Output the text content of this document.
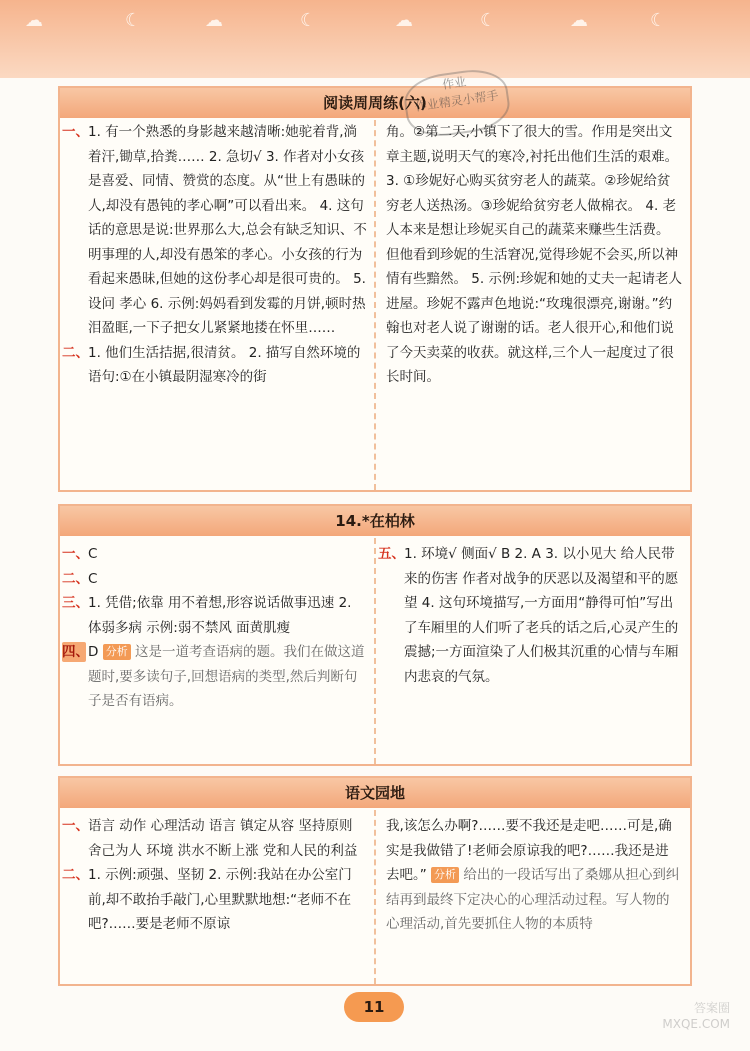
☁	☾	☁	☾	☁	☾	☁	☾
阅读周周练(六)
一、 1. 有一个熟悉的身影越来越清晰:她驼着背,淌着汗,锄草,拾粪…… 2. 急切√ 3. 作者对小女孩是喜爱、同情、赞赏的态度。从“世上有愚昧的人,却没有愚钝的孝心啊”可以看出来。 4. 这句话的意思是说:世界那么大,总会有缺乏知识、不明事理的人,却没有愚笨的孝心。小女孩的行为看起来愚昧,但她的这份孝心却是很可贵的。 5. 设问 孝心 6. 示例:妈妈看到发霉的月饼,顿时热泪盈眶,一下子把女儿紧紧地搂在怀里……
二、 1. 他们生活拮据,很清贫。 2. 描写自然环境的语句:①在小镇最阴湿寒冷的街
角。②第二天,小镇下了很大的雪。作用是突出文章主题,说明天气的寒冷,衬托出他们生活的艰难。 3. ①珍妮好心购买贫穷老人的蔬菜。②珍妮给贫穷老人送热汤。③珍妮给贫穷老人做棉衣。 4. 老人本来是想让珍妮买自己的蔬菜来赚些生活费。但他看到珍妮的生活窘况,觉得珍妮不会买,所以神情有些黯然。 5. 示例:珍妮和她的丈夫一起请老人进屋。珍妮不露声色地说:“玫瑰很漂亮,谢谢。”约翰也对老人说了谢谢的话。老人很开心,和他们说了今天卖菜的收获。就这样,三个人一起度过了很长时间。
14.*在柏林
一、 C
二、 C
三、 1. 凭借;依靠 用不着想,形容说话做事迅速 2. 体弱多病 示例:弱不禁风 面黄肌瘦
四、 D 分析 这是一道考查语病的题。我们在做这道题时,要多读句子,回想语病的类型,然后判断句子是否有语病。
五、 1. 环境√ 侧面√ B 2. A 3. 以小见大 给人民带来的伤害 作者对战争的厌恶以及渴望和平的愿望 4. 这句环境描写,一方面用“静得可怕”写出了车厢里的人们听了老兵的话之后,心灵产生的震撼;一方面渲染了人们极其沉重的心情与车厢内悲哀的气氛。
语文园地
一、 语言 动作 心理活动 语言 镇定从容 坚持原则 舍己为人 环境 洪水不断上涨 党和人民的利益
二、 1. 示例:顽强、坚韧 2. 示例:我站在办公室门前,却不敢抬手敲门,心里默默地想:“老师不在吧?……要是老师不原谅
我,该怎么办啊?……要不我还是走吧……可是,确实是我做错了!老师会原谅我的吧?……我还是进去吧。” 分析 给出的一段话写出了桑娜从担心到纠结再到最终下定决心的心理活动过程。写人物的心理活动,首先要抓住人物的本质特
作业
作业精灵小帮手
11	答案圈
MXQE.COM
